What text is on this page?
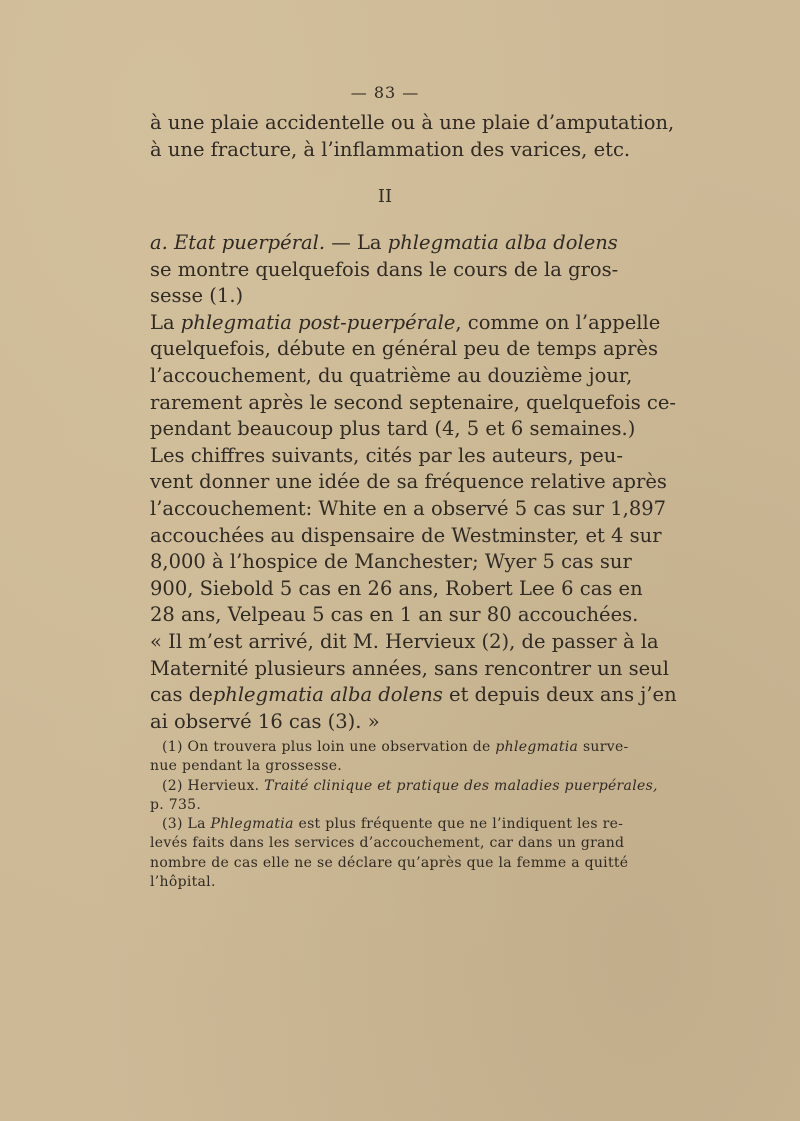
— 83 —
à une plaie accidentelle ou à une plaie d’amputation,
à une fracture, à l’inflammation des varices, etc.
II
a. Etat puerpéral. — La phlegmatia alba dolens
se montre quelquefois dans le cours de la gros-
sesse (1.)
La phlegmatia post-puerpérale, comme on l’appelle
quelquefois, débute en général peu de temps après
l’accouchement, du quatrième au douzième jour,
rarement après le second septenaire, quelquefois ce-
pendant beaucoup plus tard (4, 5 et 6 semaines.)
Les chiffres suivants, cités par les auteurs, peu-
vent donner une idée de sa fréquence relative après
l’accouchement: White en a observé 5 cas sur 1,897
accouchées au dispensaire de Westminster, et 4 sur
8,000 à l’hospice de Manchester; Wyer 5 cas sur
900, Siebold 5 cas en 26 ans, Robert Lee 6 cas en
28 ans, Velpeau 5 cas en 1 an sur 80 accouchées.
« Il m’est arrivé, dit M. Hervieux (2), de passer à la
Maternité plusieurs années, sans rencontrer un seul
cas dephlegmatia alba dolens et depuis deux ans j’en
ai observé 16 cas (3). »
(1) On trouvera plus loin une observation de phlegmatia surve-
nue pendant la grossesse.
(2) Hervieux. Traité clinique et pratique des maladies puerpérales,
p. 735.
(3) La Phlegmatia est plus fréquente que ne l’indiquent les re-
levés faits dans les services d’accouchement, car dans un grand
nombre de cas elle ne se déclare qu’après que la femme a quitté
l’hôpital.
